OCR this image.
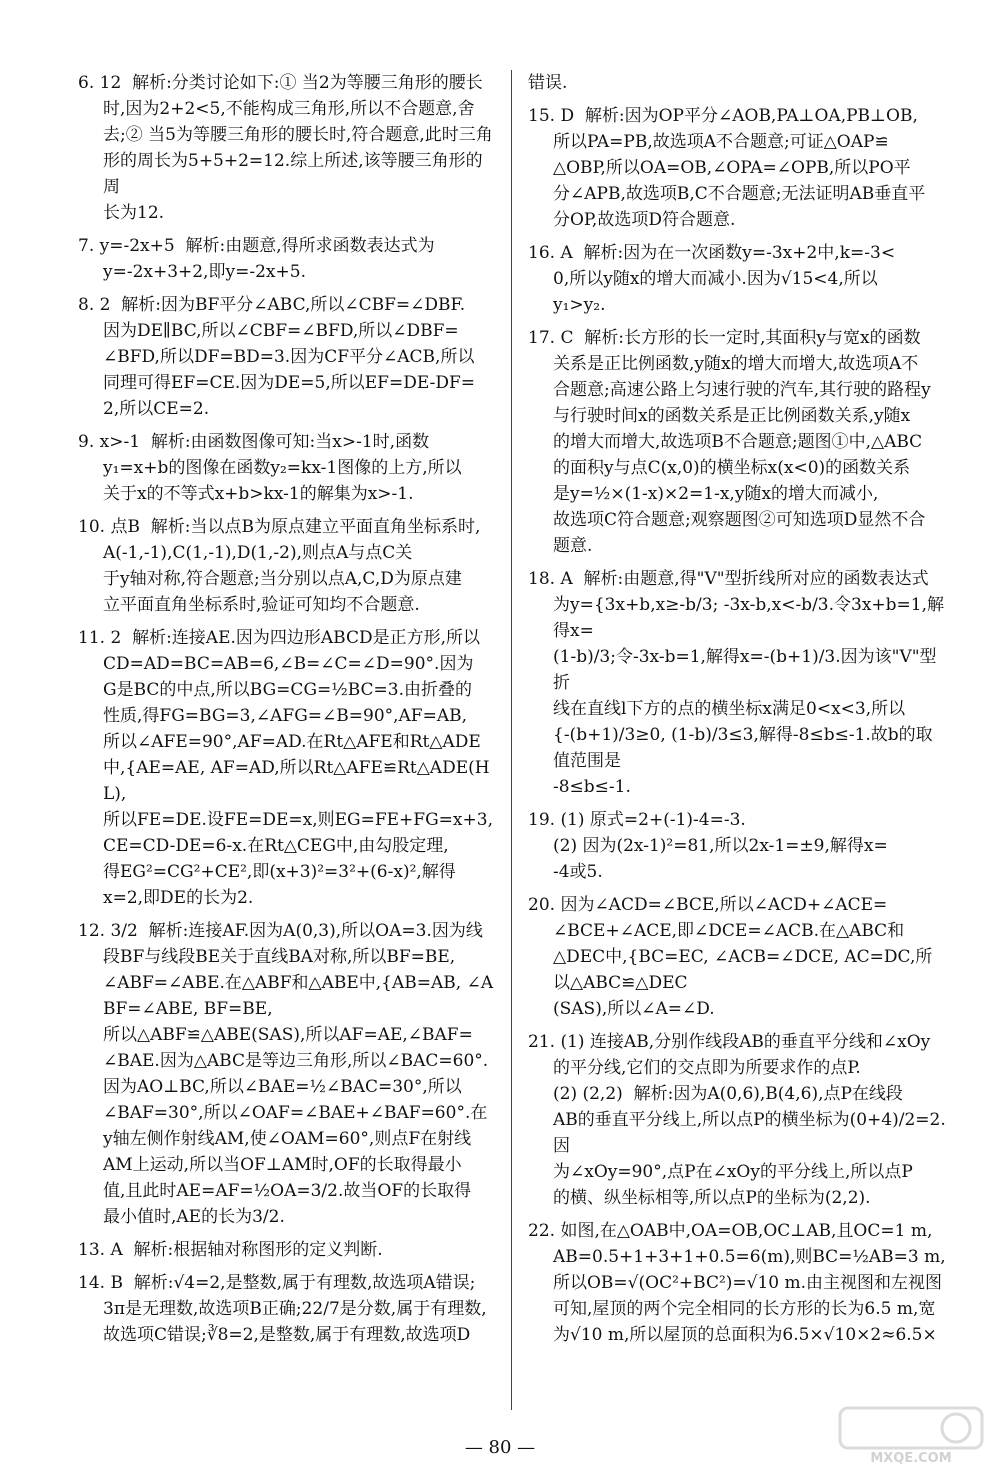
6. 12  解析:分类讨论如下:① 当2为等腰三角形的腰长
时,因为2+2<5,不能构成三角形,所以不合题意,舍
去;② 当5为等腰三角形的腰长时,符合题意,此时三角
形的周长为5+5+2=12.综上所述,该等腰三角形的周
长为12.
7. y=-2x+5  解析:由题意,得所求函数表达式为
y=-2x+3+2,即y=-2x+5.
8. 2  解析:因为BF平分∠ABC,所以∠CBF=∠DBF.
因为DE∥BC,所以∠CBF=∠BFD,所以∠DBF=
∠BFD,所以DF=BD=3.因为CF平分∠ACB,所以
同理可得EF=CE.因为DE=5,所以EF=DE-DF=
2,所以CE=2.
9. x>-1  解析:由函数图像可知:当x>-1时,函数
y₁=x+b的图像在函数y₂=kx-1图像的上方,所以
关于x的不等式x+b>kx-1的解集为x>-1.
10. 点B  解析:当以点B为原点建立平面直角坐标系时,
A(-1,-1),C(1,-1),D(1,-2),则点A与点C关
于y轴对称,符合题意;当分别以点A,C,D为原点建
立平面直角坐标系时,验证可知均不合题意.
11. 2  解析:连接AE.因为四边形ABCD是正方形,所以
CD=AD=BC=AB=6,∠B=∠C=∠D=90°.因为
G是BC的中点,所以BG=CG=½BC=3.由折叠的
性质,得FG=BG=3,∠AFG=∠B=90°,AF=AB,
所以∠AFE=90°,AF=AD.在Rt△AFE和Rt△ADE
中,{AE=AE, AF=AD,所以Rt△AFE≌Rt△ADE(HL),
所以FE=DE.设FE=DE=x,则EG=FE+FG=x+3,
CE=CD-DE=6-x.在Rt△CEG中,由勾股定理,
得EG²=CG²+CE²,即(x+3)²=3²+(6-x)²,解得
x=2,即DE的长为2.
12. 3/2  解析:连接AF.因为A(0,3),所以OA=3.因为线
段BF与线段BE关于直线BA对称,所以BF=BE,
∠ABF=∠ABE.在△ABF和△ABE中,{AB=AB, ∠ABF=∠ABE, BF=BE,
所以△ABF≌△ABE(SAS),所以AF=AE,∠BAF=
∠BAE.因为△ABC是等边三角形,所以∠BAC=60°.
因为AO⊥BC,所以∠BAE=½∠BAC=30°,所以
∠BAF=30°,所以∠OAF=∠BAE+∠BAF=60°.在
y轴左侧作射线AM,使∠OAM=60°,则点F在射线
AM上运动,所以当OF⊥AM时,OF的长取得最小
值,且此时AE=AF=½OA=3/2.故当OF的长取得
最小值时,AE的长为3/2.
13. A  解析:根据轴对称图形的定义判断.
14. B  解析:√4=2,是整数,属于有理数,故选项A错误;
3π是无理数,故选项B正确;22/7是分数,属于有理数,
故选项C错误;∛8=2,是整数,属于有理数,故选项D
错误.
15. D  解析:因为OP平分∠AOB,PA⊥OA,PB⊥OB,
所以PA=PB,故选项A不合题意;可证△OAP≌
△OBP,所以OA=OB,∠OPA=∠OPB,所以PO平
分∠APB,故选项B,C不合题意;无法证明AB垂直平
分OP,故选项D符合题意.
16. A  解析:因为在一次函数y=-3x+2中,k=-3<
0,所以y随x的增大而减小.因为√15<4,所以
y₁>y₂.
17. C  解析:长方形的长一定时,其面积y与宽x的函数
关系是正比例函数,y随x的增大而增大,故选项A不
合题意;高速公路上匀速行驶的汽车,其行驶的路程y
与行驶时间x的函数关系是正比例函数关系,y随x
的增大而增大,故选项B不合题意;题图①中,△ABC
的面积y与点C(x,0)的横坐标x(x<0)的函数关系
是y=½×(1-x)×2=1-x,y随x的增大而减小,
故选项C符合题意;观察题图②可知选项D显然不合
题意.
18. A  解析:由题意,得"V"型折线所对应的函数表达式
为y={3x+b,x≥-b/3; -3x-b,x<-b/3.令3x+b=1,解得x=
(1-b)/3;令-3x-b=1,解得x=-(b+1)/3.因为该"V"型折
线在直线l下方的点的横坐标x满足0<x<3,所以
{-(b+1)/3≥0, (1-b)/3≤3,解得-8≤b≤-1.故b的取值范围是
-8≤b≤-1.
19. (1) 原式=2+(-1)-4=-3.
(2) 因为(2x-1)²=81,所以2x-1=±9,解得x=
-4或5.
20. 因为∠ACD=∠BCE,所以∠ACD+∠ACE=
∠BCE+∠ACE,即∠DCE=∠ACB.在△ABC和
△DEC中,{BC=EC, ∠ACB=∠DCE, AC=DC,所以△ABC≌△DEC
(SAS),所以∠A=∠D.
21. (1) 连接AB,分别作线段AB的垂直平分线和∠xOy
的平分线,它们的交点即为所要求作的点P.
(2) (2,2)  解析:因为A(0,6),B(4,6),点P在线段
AB的垂直平分线上,所以点P的横坐标为(0+4)/2=2.因
为∠xOy=90°,点P在∠xOy的平分线上,所以点P
的横、纵坐标相等,所以点P的坐标为(2,2).
22. 如图,在△OAB中,OA=OB,OC⊥AB,且OC=1 m,
AB=0.5+1+3+1+0.5=6(m),则BC=½AB=3 m,
所以OB=√(OC²+BC²)=√10 m.由主视图和左视图
可知,屋顶的两个完全相同的长方形的长为6.5 m,宽
为√10 m,所以屋顶的总面积为6.5×√10×2≈6.5×
— 80 —
MXQE.COM
